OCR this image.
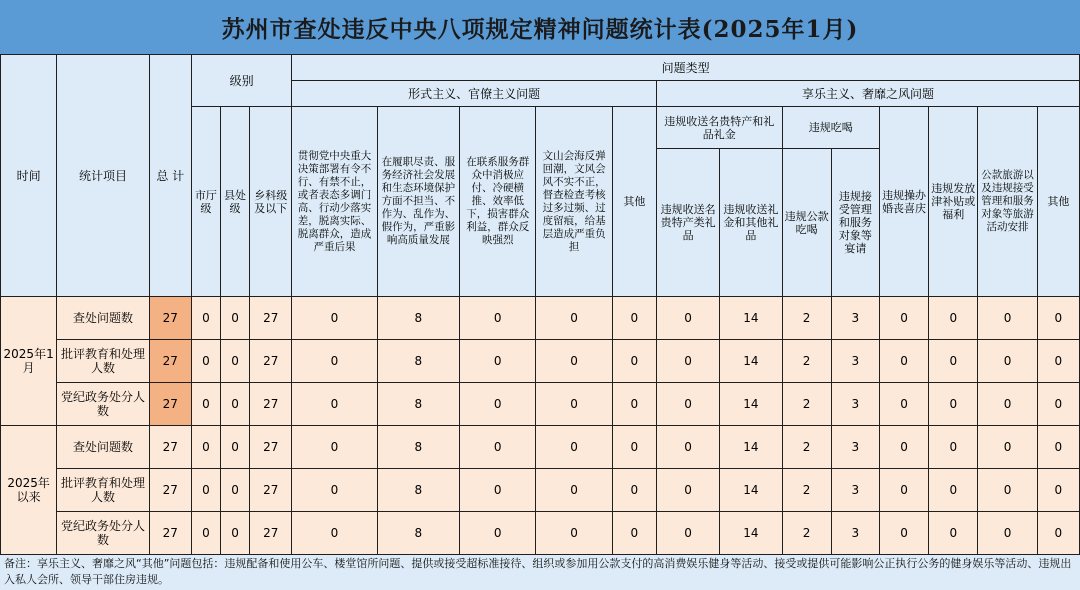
苏州市查处违反中央八项规定精神问题统计表(2025年1月)
时间	统计项目	总 计	级别			问题类型												
						形式主义、官僚主义问题					享乐主义、奢靡之风问题							
			市厅级	县处级	乡科级及以下	贯彻党中央重大决策部署有令不行、有禁不止，或者表态多调门高、行动少落实差，脱离实际、脱离群众，造成严重后果	在履职尽责、服务经济社会发展和生态环境保护方面不担当、不作为、乱作为、假作为，严重影响高质量发展	在联系服务群众中消极应付、冷硬横推、效率低下，损害群众利益，群众反映强烈	文山会海反弹回潮，文风会风不实不正，督查检查考核过多过频、过度留痕，给基层造成严重负担	其他	违规收送名贵特产和礼品礼金		违规吃喝		违规操办婚丧喜庆	违规发放津补贴或福利	公款旅游以及违规接受管理和服务对象等旅游活动安排	其他
											违规收送名贵特产类礼品	违规收送礼金和其他礼品	违规公款吃喝	违规接受管理和服务对象等宴请				
2025年1月	查处问题数	27	0	0	27	0	8	0	0	0	0	14	2	3	0	0	0	0
	批评教育和处理人数	27	0	0	27	0	8	0	0	0	0	14	2	3	0	0	0	0
	党纪政务处分人数	27	0	0	27	0	8	0	0	0	0	14	2	3	0	0	0	0
2025年以来	查处问题数	27	0	0	27	0	8	0	0	0	0	14	2	3	0	0	0	0
	批评教育和处理人数	27	0	0	27	0	8	0	0	0	0	14	2	3	0	0	0	0
	党纪政务处分人数	27	0	0	27	0	8	0	0	0	0	14	2	3	0	0	0	0
备注：享乐主义、奢靡之风“其他”问题包括：违规配备和使用公车、楼堂馆所问题、提供或接受超标准接待、组织或参加用公款支付的高消费娱乐健身等活动、接受或提供可能影响公正执行公务的健身娱乐等活动、违规出入私人会所、领导干部住房违规。
